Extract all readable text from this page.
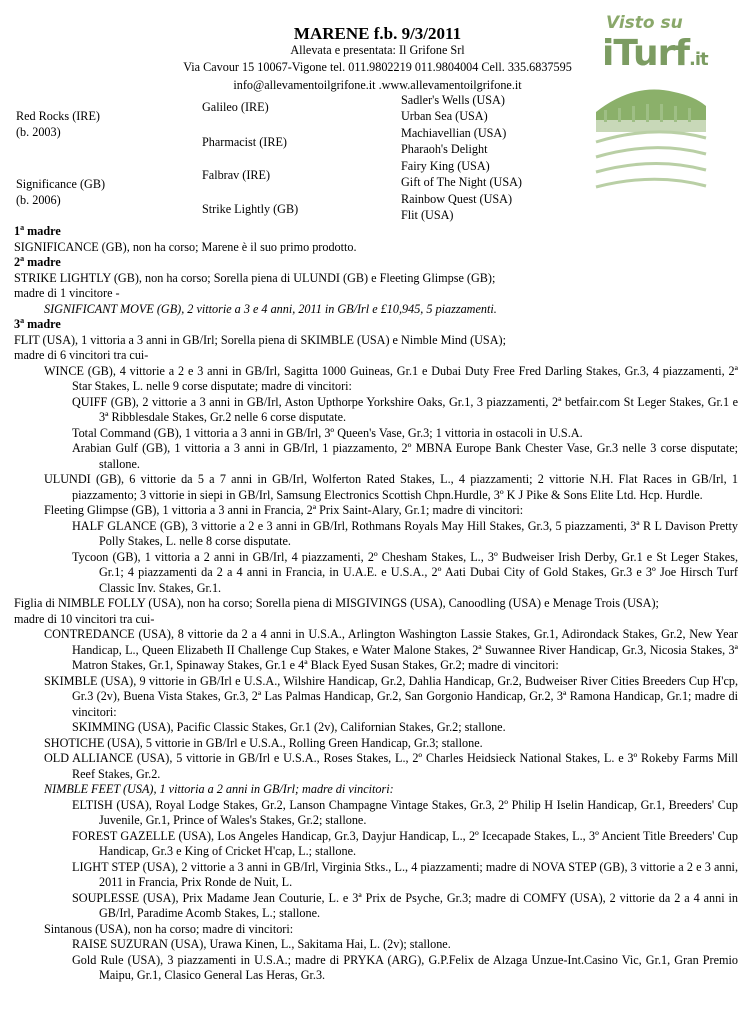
MARENE f.b. 9/3/2011
Allevata e presentata: Il Grifone Srl
Via Cavour 15 10067-Vigone tel. 011.9802219 011.9804004 Cell. 335.6837595
info@allevamentoilgrifone.it .www.allevamentoilgrifone.it
Visto su
iTurf.it
Red Rocks (IRE)
(b. 2003)
Significance (GB)
(b. 2006)
Galileo (IRE)
Pharmacist (IRE)
Falbrav (IRE)
Strike Lightly (GB)
Sadler's Wells (USA)
Urban Sea (USA)
Machiavellian (USA)
Pharaoh's Delight
Fairy King (USA)
Gift of The Night (USA)
Rainbow Quest (USA)
Flit (USA)
1$^a$ madre
SIGNIFICANCE (GB), non ha corso; Marene è il suo primo prodotto.
2$^a$ madre
STRIKE LIGHTLY (GB), non ha corso; Sorella piena di ULUNDI (GB) e Fleeting Glimpse (GB);
madre di 1 vincitore -
SIGNIFICANT MOVE (GB), 2 vittorie a 3 e 4 anni, 2011 in GB/Irl e £10,945, 5 piazzamenti.
3$^a$ madre
FLIT (USA), 1 vittoria a 3 anni in GB/Irl; Sorella piena di SKIMBLE (USA) e Nimble Mind (USA);
madre di 6 vincitori tra cui-
WINCE (GB), 4 vittorie a 2 e 3 anni in GB/Irl, Sagitta 1000 Guineas, Gr.1 e Dubai Duty Free Fred Darling Stakes, Gr.3, 4 piazzamenti, 2ª Star Stakes, L. nelle 9 corse disputate; madre di vincitori:
QUIFF (GB), 2 vittorie a 3 anni in GB/Irl, Aston Upthorpe Yorkshire Oaks, Gr.1, 3 piazzamenti, 2ª betfair.com St Leger Stakes, Gr.1 e 3ª Ribblesdale Stakes, Gr.2 nelle 6 corse disputate.
Total Command (GB), 1 vittoria a 3 anni in GB/Irl, 3º Queen's Vase, Gr.3; 1 vittoria in ostacoli in U.S.A.
Arabian Gulf (GB), 1 vittoria a 3 anni in GB/Irl, 1 piazzamento, 2º MBNA Europe Bank Chester Vase, Gr.3 nelle 3 corse disputate; stallone.
ULUNDI (GB), 6 vittorie da 5 a 7 anni in GB/Irl, Wolferton Rated Stakes, L., 4 piazzamenti; 2 vittorie N.H. Flat Races in GB/Irl, 1 piazzamento; 3 vittorie in siepi in GB/Irl, Samsung Electronics Scottish Chpn.Hurdle, 3º K J Pike & Sons Elite Ltd. Hcp. Hurdle.
Fleeting Glimpse (GB), 1 vittoria a 3 anni in Francia, 2ª Prix Saint-Alary, Gr.1; madre di vincitori:
HALF GLANCE (GB), 3 vittorie a 2 e 3 anni in GB/Irl, Rothmans Royals May Hill Stakes, Gr.3, 5 piazzamenti, 3ª R L Davison Pretty Polly Stakes, L. nelle 8 corse disputate.
Tycoon (GB), 1 vittoria a 2 anni in GB/Irl, 4 piazzamenti, 2º Chesham Stakes, L., 3º Budweiser Irish Derby, Gr.1 e St Leger Stakes, Gr.1; 4 piazzamenti da 2 a 4 anni in Francia, in U.A.E. e U.S.A., 2º Aati Dubai City of Gold Stakes, Gr.3 e 3º Joe Hirsch Turf Classic Inv. Stakes, Gr.1.
Figlia di NIMBLE FOLLY (USA), non ha corso; Sorella piena di MISGIVINGS (USA), Canoodling (USA) e Menage Trois (USA);
madre di 10 vincitori tra cui-
CONTREDANCE (USA), 8 vittorie da 2 a 4 anni in U.S.A., Arlington Washington Lassie Stakes, Gr.1, Adirondack Stakes, Gr.2, New Year Handicap, L., Queen Elizabeth II Challenge Cup Stakes, e Water Malone Stakes, 2ª Suwannee River Handicap, Gr.3, Nicosia Stakes, 3ª Matron Stakes, Gr.1, Spinaway Stakes, Gr.1 e 4ª Black Eyed Susan Stakes, Gr.2; madre di vincitori:
SKIMBLE (USA), 9 vittorie in GB/Irl e U.S.A., Wilshire Handicap, Gr.2, Dahlia Handicap, Gr.2, Budweiser River Cities Breeders Cup H'cp, Gr.3 (2v), Buena Vista Stakes, Gr.3, 2ª Las Palmas Handicap, Gr.2, San Gorgonio Handicap, Gr.2, 3ª Ramona Handicap, Gr.1; madre di vincitori:
SKIMMING (USA), Pacific Classic Stakes, Gr.1 (2v), Californian Stakes, Gr.2; stallone.
SHOTICHE (USA), 5 vittorie in GB/Irl e U.S.A., Rolling Green Handicap, Gr.3; stallone.
OLD ALLIANCE (USA), 5 vittorie in GB/Irl e U.S.A., Roses Stakes, L., 2º Charles Heidsieck National Stakes, L. e 3º Rokeby Farms Mill Reef Stakes, Gr.2.
NIMBLE FEET (USA), 1 vittoria a 2 anni in GB/Irl; madre di vincitori:
ELTISH (USA), Royal Lodge Stakes, Gr.2, Lanson Champagne Vintage Stakes, Gr.3, 2º Philip H Iselin Handicap, Gr.1, Breeders' Cup Juvenile, Gr.1, Prince of Wales's Stakes, Gr.2; stallone.
FOREST GAZELLE (USA), Los Angeles Handicap, Gr.3, Dayjur Handicap, L., 2º Icecapade Stakes, L., 3º Ancient Title Breeders' Cup Handicap, Gr.3 e King of Cricket H'cap, L.; stallone.
LIGHT STEP (USA), 2 vittorie a 3 anni in GB/Irl, Virginia Stks., L., 4 piazzamenti; madre di NOVA STEP (GB), 3 vittorie a 2 e 3 anni, 2011 in Francia, Prix Ronde de Nuit, L.
SOUPLESSE (USA), Prix Madame Jean Couturie, L. e 3ª Prix de Psyche, Gr.3; madre di COMFY (USA), 2 vittorie da 2 a 4 anni in GB/Irl, Paradime Acomb Stakes, L.; stallone.
Sintanous (USA), non ha corso; madre di vincitori:
RAISE SUZURAN (USA), Urawa Kinen, L., Sakitama Hai, L. (2v); stallone.
Gold Rule (USA), 3 piazzamenti in U.S.A.; madre di PRYKA (ARG), G.P.Felix de Alzaga Unzue-Int.Casino Vic, Gr.1, Gran Premio Maipu, Gr.1, Clasico General Las Heras, Gr.3.
